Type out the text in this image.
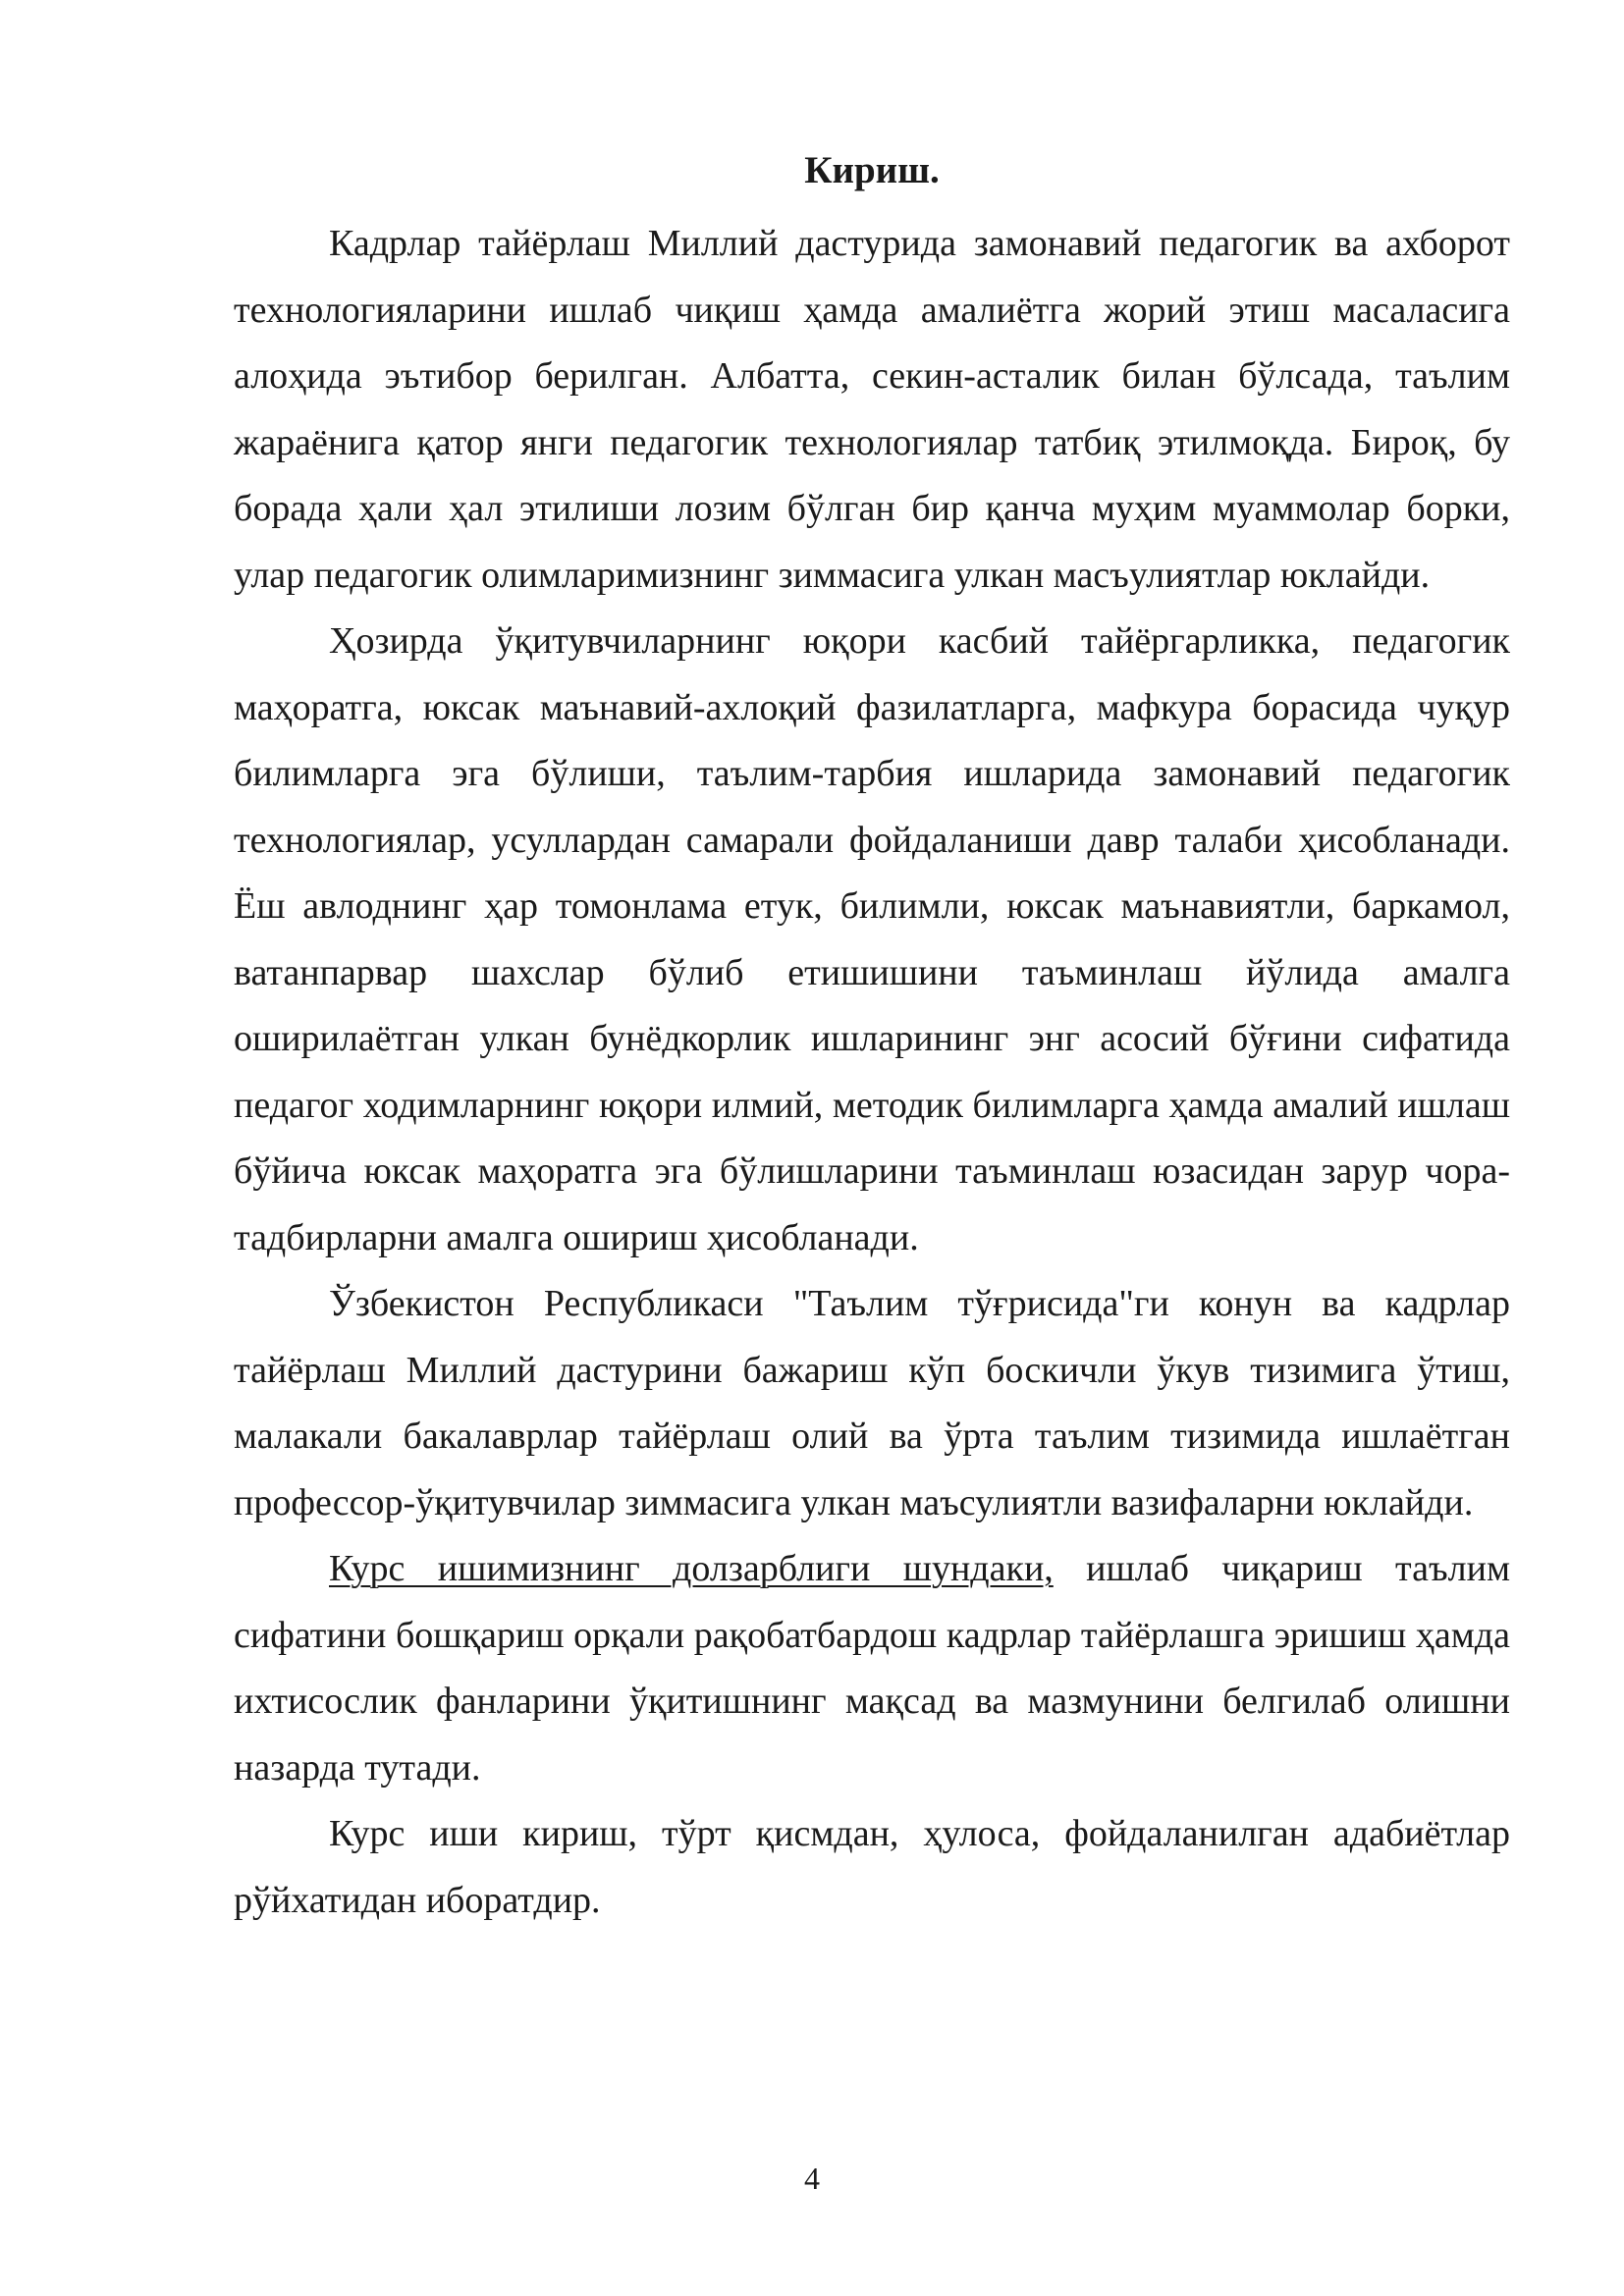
Кириш.

Кадрлар тайёрлаш Миллий дастурида замонавий педагогик ва ахборот технологияларини ишлаб чиқиш ҳамда амалиётга жорий этиш масаласига алоҳида эътибор берилган. Албатта, секин-асталик билан бўлсада, таълим жараёнига қатор янги педагогик технологиялар татбиқ этилмоқда. Бироқ, бу борада ҳали ҳал этилиши лозим бўлган бир қанча муҳим муаммолар борки, улар педагогик олимларимизнинг зиммасига улкан масъулиятлар юклайди.

Ҳозирда ўқитувчиларнинг юқори касбий тайёргарликка, педагогик маҳоратга, юксак маънавий-ахлоқий фазилатларга, мафкура борасида чуқур билимларга эга бўлиши, таълим-тарбия ишларида замонавий педагогик технологиялар, усуллардан самарали фойдаланиши давр талаби ҳисобланади. Ёш авлоднинг ҳар томонлама етук, билимли, юксак маънавиятли, баркамол, ватанпарвар шахслар бўлиб етишишини таъминлаш йўлида амалга оширилаётган улкан бунёдкорлик ишларининг энг асосий бўғини сифатида педагог ходимларнинг юқори илмий, методик билимларга ҳамда амалий ишлаш бўйича юксак маҳоратга эга бўлишларини таъминлаш юзасидан зарур чора-тадбирларни амалга ошириш ҳисобланади.

Ўзбекистон Республикаси "Таълим тўғрисида"ги конун ва кадрлар тайёрлаш Миллий дастурини бажариш кўп боскичли ўкув тизимига ўтиш, малакали бакалаврлар тайёрлаш олий ва ўрта таълим тизимида ишлаётган профессор-ўқитувчилар зиммасига улкан маъсулиятли вазифаларни юклайди.

Курс ишимизнинг долзарблиги шундаки, ишлаб чиқариш таълим сифатини бошқариш орқали рақобатбардош кадрлар тайёрлашга эришиш ҳамда ихтисослик фанларини ўқитишнинг мақсад ва мазмунини белгилаб олишни назарда тутади.

Курс иши кириш, тўрт қисмдан, ҳулоса, фойдаланилган адабиётлар рўйхатидан иборатдир.

4
